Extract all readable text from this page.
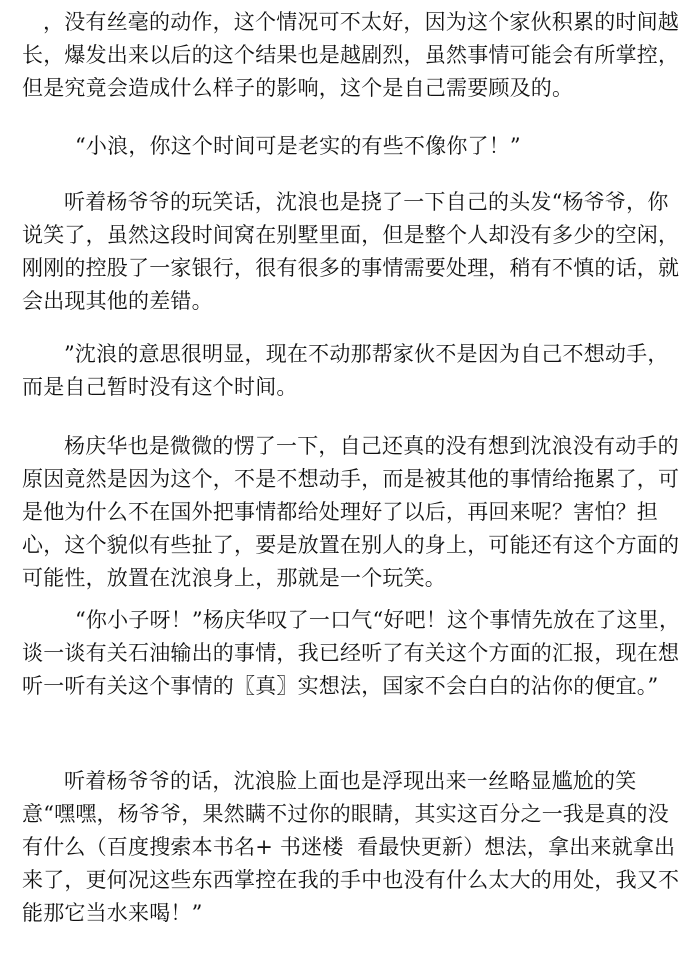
，没有丝毫的动作，这个情况可不太好，因为这个家伙积累的时间越长，爆发出来以后的这个结果也是越剧烈，虽然事情可能会有所掌控，但是究竟会造成什么样子的影响，这个是自己需要顾及的。

“小浪，你这个时间可是老实的有些不像你了！”

听着杨爷爷的玩笑话，沈浪也是挠了一下自己的头发“杨爷爷，你说笑了，虽然这段时间窝在别墅里面，但是整个人却没有多少的空闲，刚刚的控股了一家银行，很有很多的事情需要处理，稍有不慎的话，就会出现其他的差错。

”沈浪的意思很明显，现在不动那帮家伙不是因为自己不想动手，而是自己暂时没有这个时间。

杨庆华也是微微的愣了一下，自己还真的没有想到沈浪没有动手的原因竟然是因为这个，不是不想动手，而是被其他的事情给拖累了，可是他为什么不在国外把事情都给处理好了以后，再回来呢？害怕？担心，这个貌似有些扯了，要是放置在别人的身上，可能还有这个方面的可能性，放置在沈浪身上，那就是一个玩笑。

“你小子呀！”杨庆华叹了一口气“好吧！这个事情先放在了这里，谈一谈有关石油输出的事情，我已经听了有关这个方面的汇报，现在想听一听有关这个事情的〖真〗实想法，国家不会白白的沾你的便宜。”

听着杨爷爷的话，沈浪脸上面也是浮现出来一丝略显尴尬的笑意“嘿嘿，杨爷爷，果然瞒不过你的眼睛，其实这百分之一我是真的没有什么（百度搜索本书名+ 书迷楼  看最快更新）想法，拿出来就拿出来了，更何况这些东西掌控在我的手中也没有什么太大的用处，我又不能那它当水来喝！”
